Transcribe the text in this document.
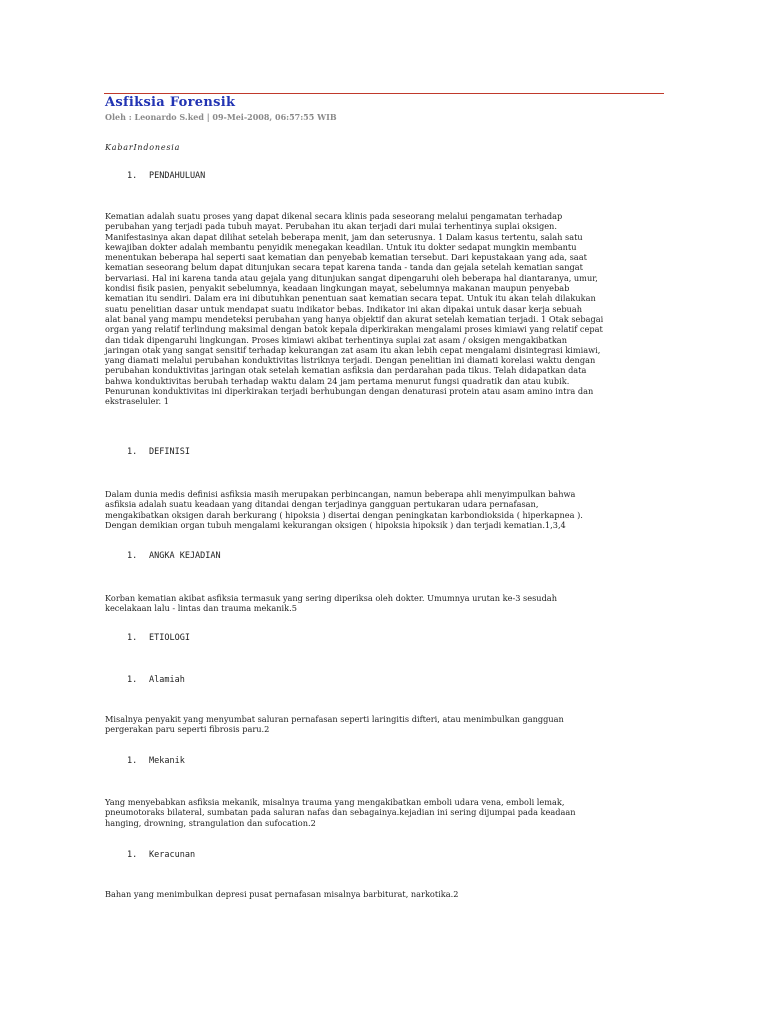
Asfiksia Forensik
Oleh : Leonardo S.ked | 09-Mei-2008, 06:57:55 WIB
KabarIndonesia
1. PENDAHULUAN
Kematian adalah suatu proses yang dapat dikenal secara klinis pada seseorang melalui pengamatan terhadap
perubahan yang terjadi pada tubuh mayat. Perubahan itu akan terjadi dari mulai terhentinya suplai oksigen.
Manifestasinya akan dapat dilihat setelah beberapa menit, jam dan seterusnya. 1 Dalam kasus tertentu, salah satu
kewajiban dokter adalah membantu penyidik menegakan keadilan. Untuk itu dokter sedapat mungkin membantu
menentukan beberapa hal seperti saat kematian dan penyebab kematian tersebut. Dari kepustakaan yang ada, saat
kematian seseorang belum dapat ditunjukan secara tepat karena tanda - tanda dan gejala setelah kematian sangat
bervariasi. Hal ini karena tanda atau gejala yang ditunjukan sangat dipengaruhi oleh beberapa hal diantaranya, umur,
kondisi fisik pasien, penyakit sebelumnya, keadaan lingkungan mayat, sebelumnya makanan maupun penyebab
kematian itu sendiri. Dalam era ini dibutuhkan penentuan saat kematian secara tepat. Untuk itu akan telah dilakukan
suatu penelitian dasar untuk mendapat suatu indikator bebas. Indikator ini akan dipakai untuk dasar kerja sebuah
alat banal yang mampu mendeteksi perubahan yang hanya objektif dan akurat setelah kematian terjadi. 1 Otak sebagai
organ yang relatif terlindung maksimal dengan batok kepala diperkirakan mengalami proses kimiawi yang relatif cepat
dan tidak dipengaruhi lingkungan. Proses kimiawi akibat terhentinya suplai zat asam / oksigen mengakibatkan
jaringan otak yang sangat sensitif terhadap kekurangan zat asam itu akan lebih cepat mengalami disintegrasi kimiawi,
yang diamati melalui perubahan konduktivitas listriknya terjadi. Dengan penelitian ini diamati korelasi waktu dengan
perubahan konduktivitas jaringan otak setelah kematian asfiksia dan perdarahan pada tikus. Telah didapatkan data
bahwa konduktivitas berubah terhadap waktu dalam 24 jam pertama menurut fungsi quadratik dan atau kubik.
Penurunan konduktivitas ini diperkirakan terjadi berhubungan dengan denaturasi protein atau asam amino intra dan
ekstraseluler. 1
1. DEFINISI
Dalam dunia medis definisi asfiksia masih merupakan perbincangan, namun beberapa ahli menyimpulkan bahwa
asfiksia adalah suatu keadaan yang ditandai dengan terjadinya gangguan pertukaran udara pernafasan,
mengakibatkan oksigen darah berkurang ( hipoksia ) disertai dengan peningkatan karbondioksida ( hiperkapnea ).
Dengan demikian organ tubuh mengalami kekurangan oksigen ( hipoksia hipoksik ) dan terjadi kematian.1,3,4
1. ANGKA KEJADIAN
Korban kematian akibat asfiksia termasuk yang sering diperiksa oleh dokter. Umumnya urutan ke-3 sesudah
kecelakaan lalu - lintas dan trauma mekanik.5
1. ETIOLOGI
1. Alamiah
Misalnya penyakit yang menyumbat saluran pernafasan seperti laringitis difteri, atau menimbulkan gangguan
pergerakan paru seperti fibrosis paru.2
1. Mekanik
Yang menyebabkan asfiksia mekanik, misalnya trauma yang mengakibatkan emboli udara vena, emboli lemak,
pneumotoraks bilateral, sumbatan pada saluran nafas dan sebagainya.kejadian ini sering dijumpai pada keadaan
hanging, drowning, strangulation dan sufocation.2
1. Keracunan
Bahan yang menimbulkan depresi pusat pernafasan misalnya barbiturat, narkotika.2
